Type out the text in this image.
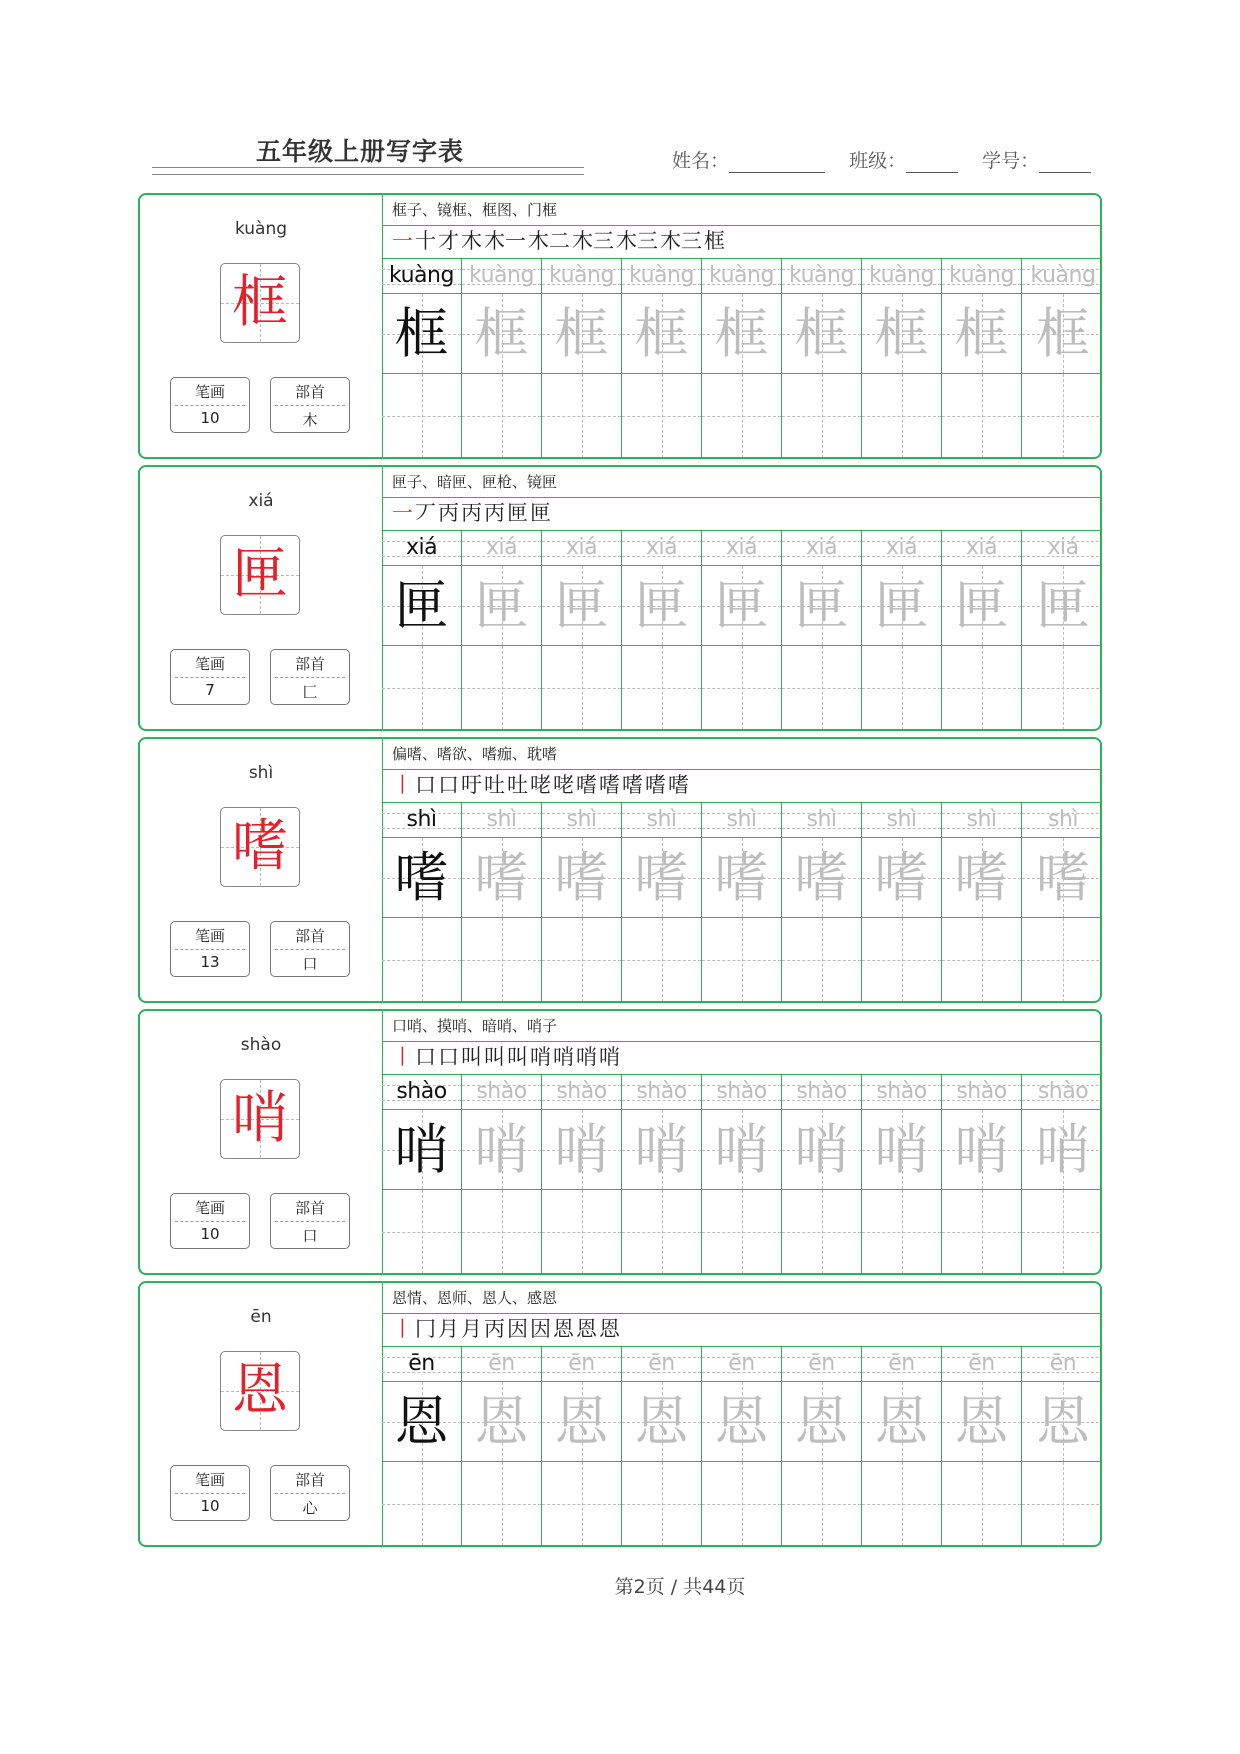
五年级上册写字表	姓名：	班级：	学号：
kuàng
框
笔画
10
部首
木
框子、镜框、框图、门框
一十才木木一木二木三木三木三框
kuàng
框
kuàng
框
kuàng
框
kuàng
框
kuàng
框
kuàng
框
kuàng
框
kuàng
框
kuàng
框
xiá
匣
笔画
7
部首
匚
匣子、暗匣、匣枪、镜匣
一丆丙丙丙匣匣
xiá
匣
xiá
匣
xiá
匣
xiá
匣
xiá
匣
xiá
匣
xiá
匣
xiá
匣
xiá
匣
shì
嗜
笔画
13
部首
口
偏嗜、嗜欲、嗜痂、耽嗜
丨口口吁吐吐咾咾嗜嗜嗜嗜嗜
shì
嗜
shì
嗜
shì
嗜
shì
嗜
shì
嗜
shì
嗜
shì
嗜
shì
嗜
shì
嗜
shào
哨
笔画
10
部首
口
口哨、摸哨、暗哨、哨子
丨口口叫叫叫哨哨哨哨
shào
哨
shào
哨
shào
哨
shào
哨
shào
哨
shào
哨
shào
哨
shào
哨
shào
哨
ēn
恩
笔画
10
部首
心
恩情、恩师、恩人、感恩
丨冂月月丙因因恩恩恩
ēn
恩
ēn
恩
ēn
恩
ēn
恩
ēn
恩
ēn
恩
ēn
恩
ēn
恩
ēn
恩
第2页 / 共44页
